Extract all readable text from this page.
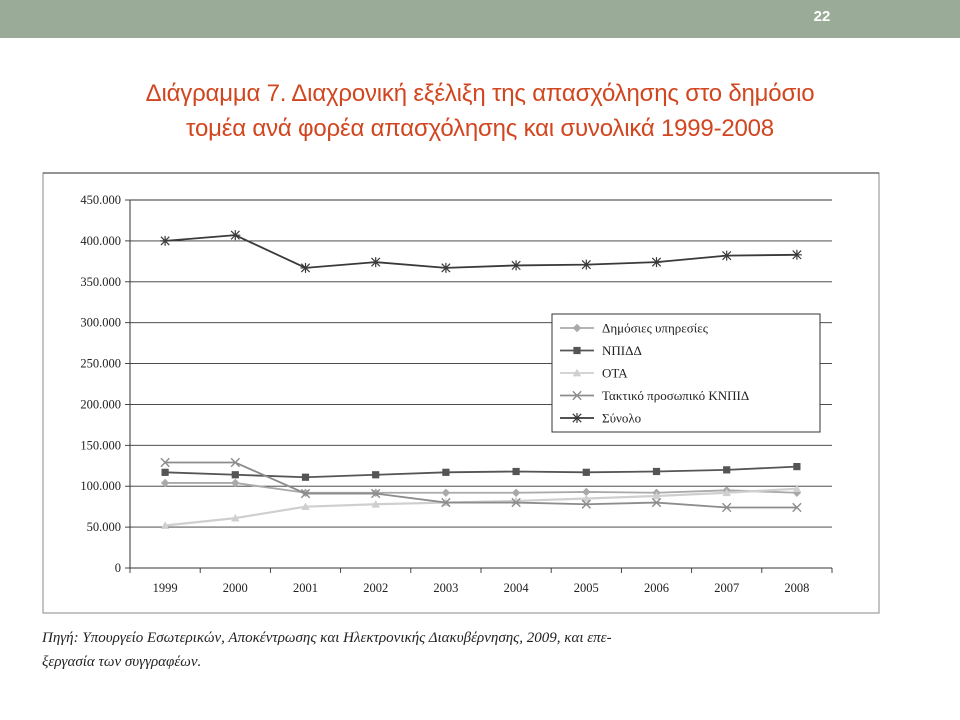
22
Διάγραμμα 7. Διαχρονική εξέλιξη της απασχόλησης στο δημόσιο
τομέα ανά φορέα απασχόλησης και συνολικά 1999-2008
0
50.000
100.000
150.000
200.000
250.000
300.000
350.000
400.000
450.000
1999	2000	2001	2002	2003	2004	2005	2006	2007	2008
Δημόσιες υπηρεσίες
ΝΠΙΔΔ
ΟΤΑ
Τακτικό προσωπικό ΚΝΠΙΔ
Σύνολο
Πηγή: Υπουργείο Εσωτερικών, Αποκέντρωσης και Ηλεκτρονικής Διακυβέρνησης, 2009, και επε-
ξεργασία των συγγραφέων.
